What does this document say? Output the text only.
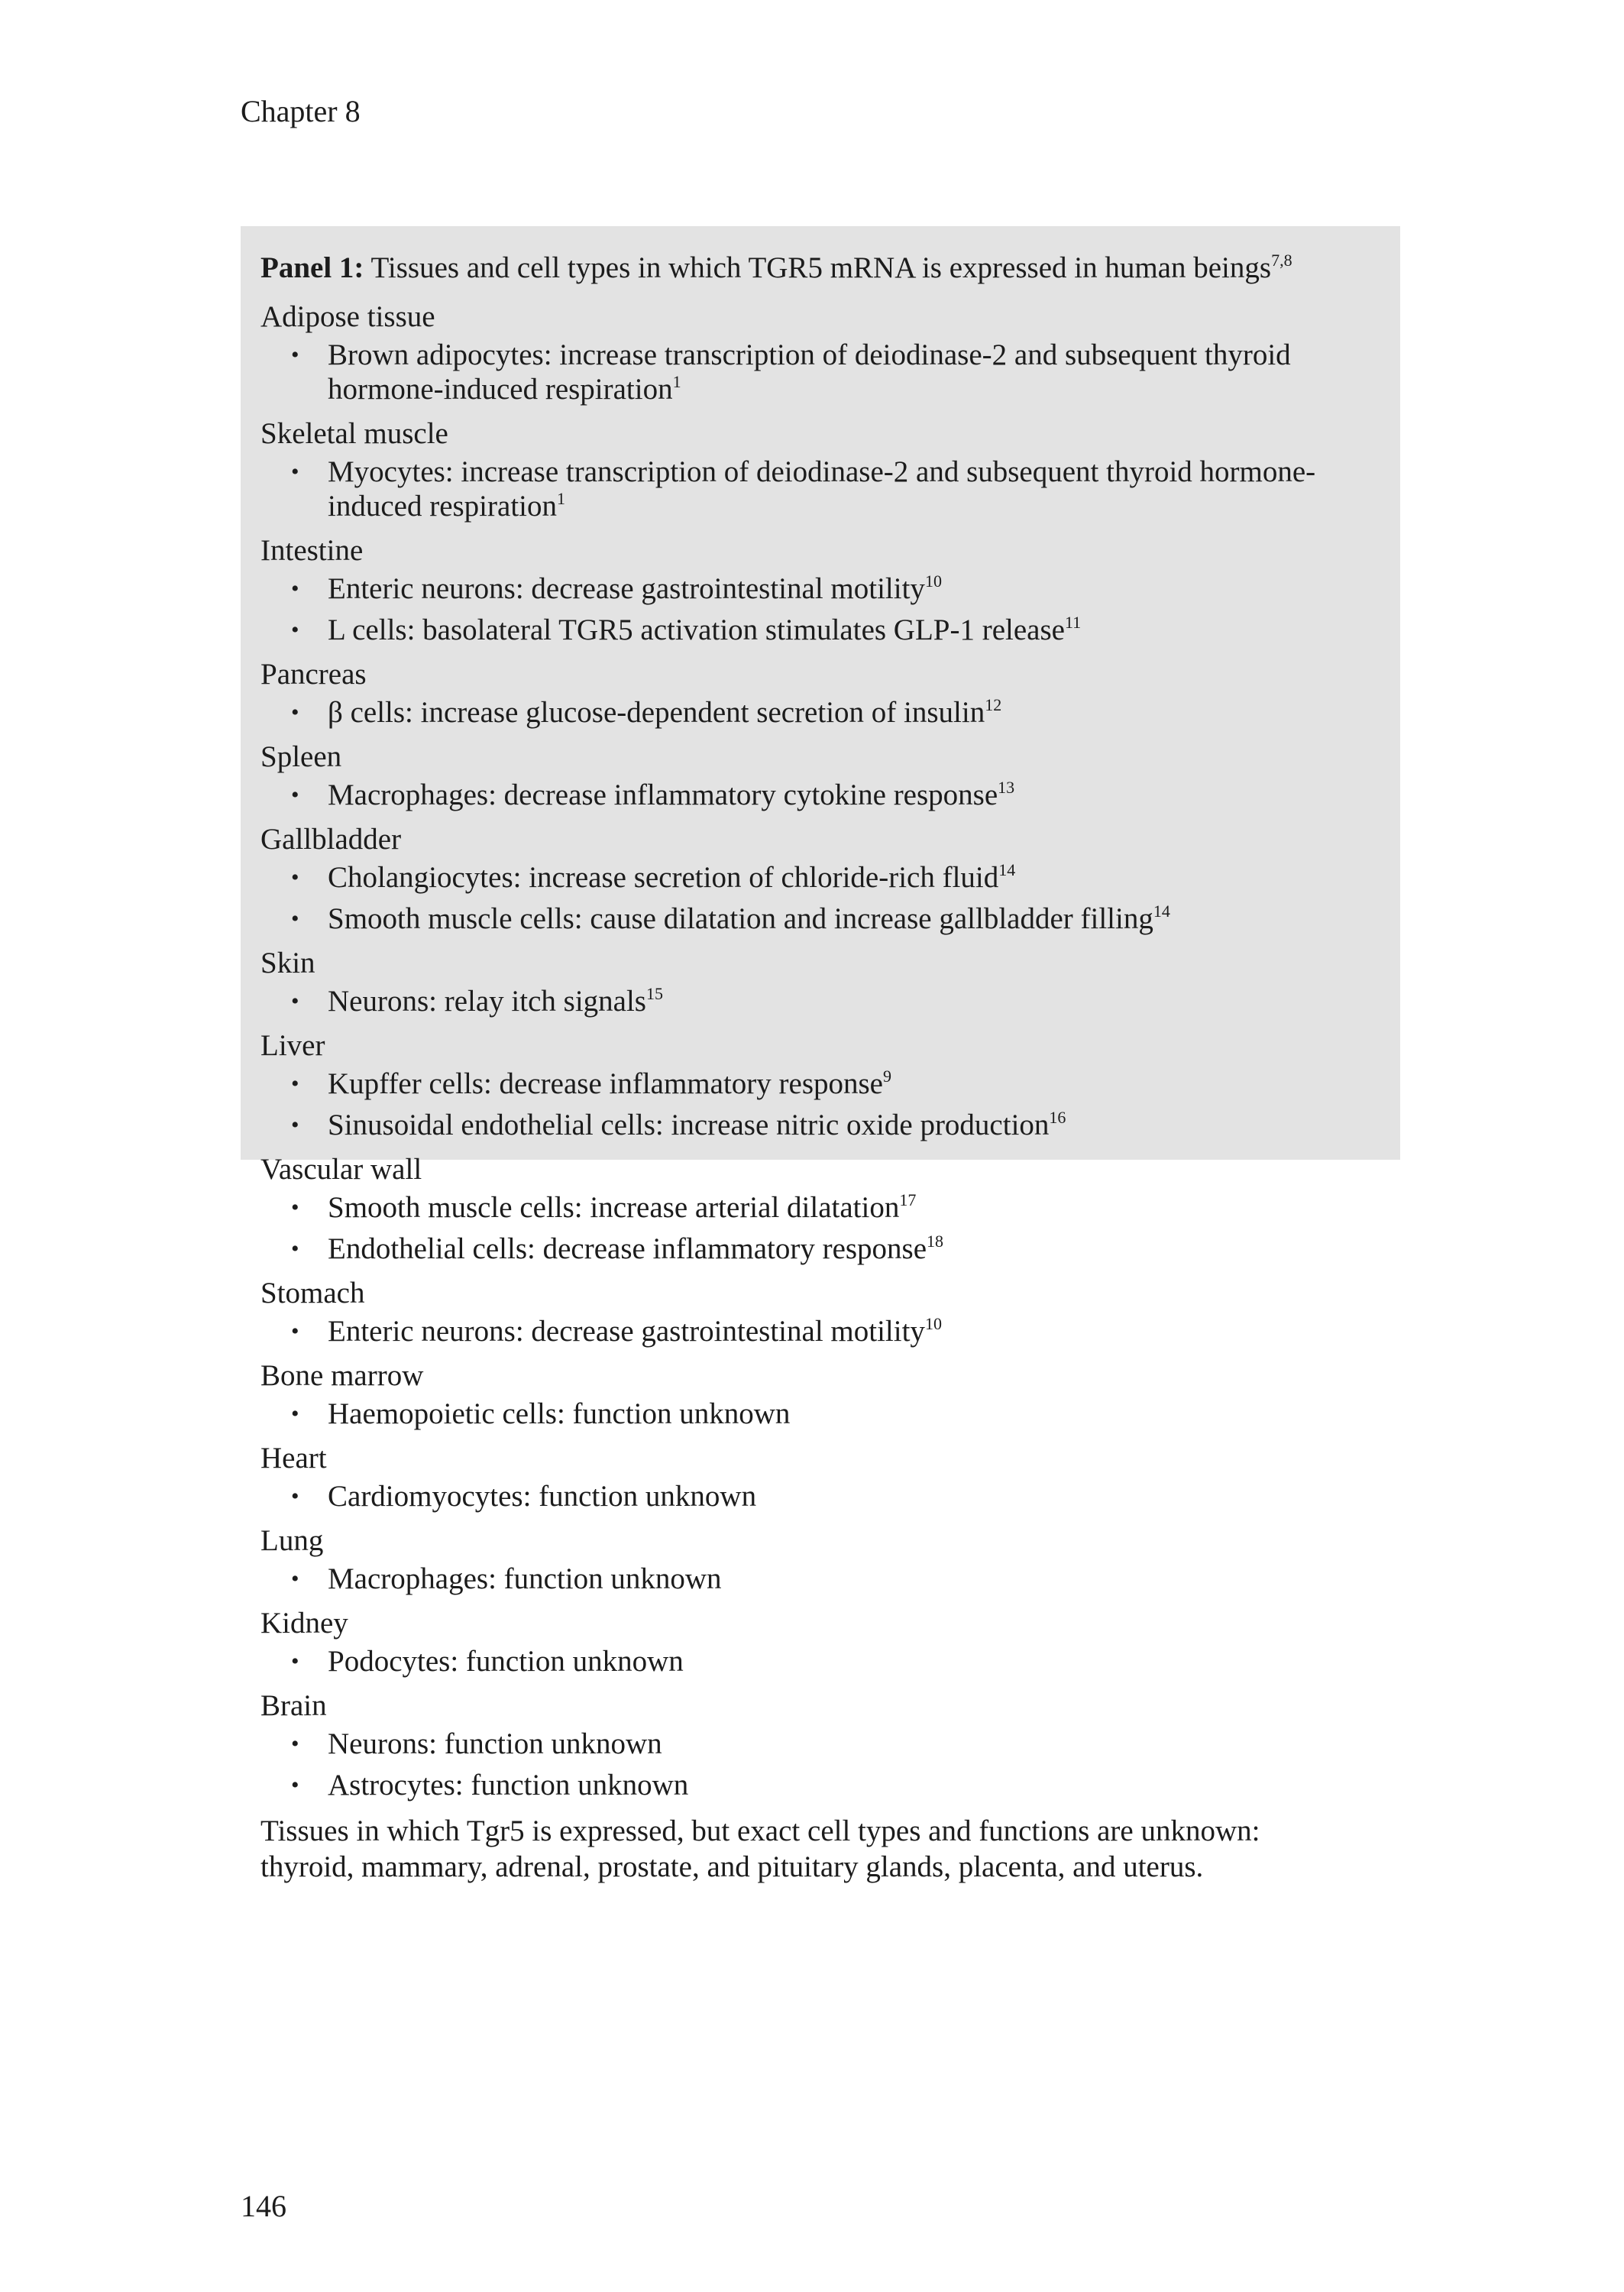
Chapter 8
Panel 1: Tissues and cell types in which TGR5 mRNA is expressed in human beings$^{7,8}$
Adipose tissue
• Brown adipocytes: increase transcription of deiodinase-2 and subsequent thyroid hormone-induced respiration$^1$
Skeletal muscle
• Myocytes: increase transcription of deiodinase-2 and subsequent thyroid hormone-induced respiration$^1$
Intestine
• Enteric neurons: decrease gastrointestinal motility$^{10}$
• L cells: basolateral TGR5 activation stimulates GLP-1 release$^{11}$
Pancreas
• β cells: increase glucose-dependent secretion of insulin$^{12}$
Spleen
• Macrophages: decrease inflammatory cytokine response$^{13}$
Gallbladder
• Cholangiocytes: increase secretion of chloride-rich fluid$^{14}$
• Smooth muscle cells: cause dilatation and increase gallbladder filling$^{14}$
Skin
• Neurons: relay itch signals$^{15}$
Liver
• Kupffer cells: decrease inflammatory response$^9$
• Sinusoidal endothelial cells: increase nitric oxide production$^{16}$
Vascular wall
• Smooth muscle cells: increase arterial dilatation$^{17}$
• Endothelial cells: decrease inflammatory response$^{18}$
Stomach
• Enteric neurons: decrease gastrointestinal motility$^{10}$
Bone marrow
• Haemopoietic cells: function unknown
Heart
• Cardiomyocytes: function unknown
Lung
• Macrophages: function unknown
Kidney
• Podocytes: function unknown
Brain
• Neurons: function unknown
• Astrocytes: function unknown
Tissues in which Tgr5 is expressed, but exact cell types and functions are unknown: thyroid, mammary, adrenal, prostate, and pituitary glands, placenta, and uterus.
146
